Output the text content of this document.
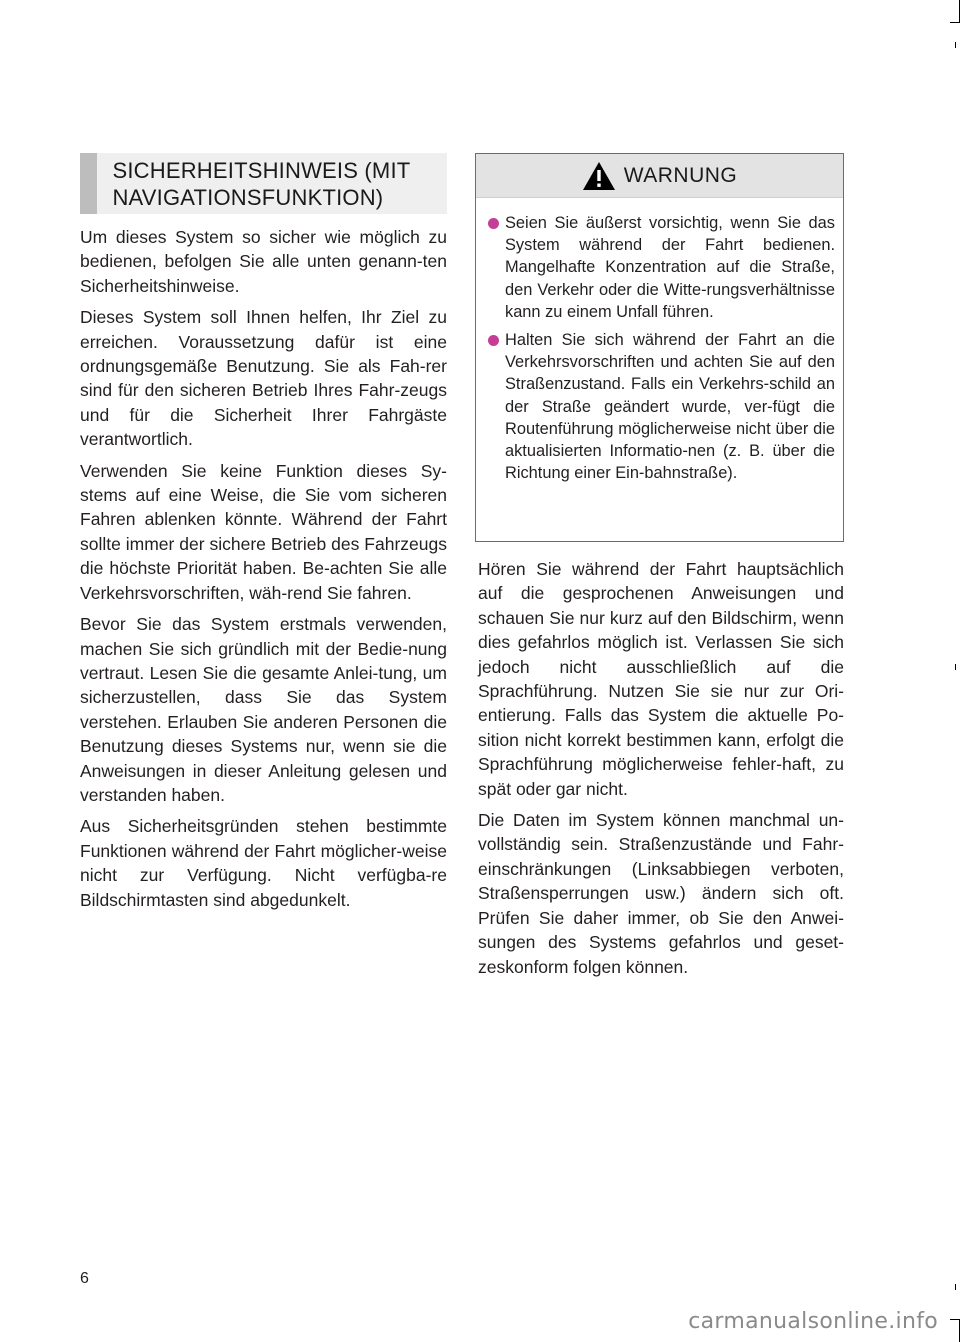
SICHERHEITSHINWEIS (MIT NAVIGATIONSFUNKTION)

Um dieses System so sicher wie möglich zu bedienen, befolgen Sie alle unten genann-ten Sicherheitshinweise.

Dieses System soll Ihnen helfen, Ihr Ziel zu erreichen. Voraussetzung dafür ist eine ordnungsgemäße Benutzung. Sie als Fah-rer sind für den sicheren Betrieb Ihres Fahr-zeugs und für die Sicherheit Ihrer Fahrgäste verantwortlich.

Verwenden Sie keine Funktion dieses Sy-stems auf eine Weise, die Sie vom sicheren Fahren ablenken könnte. Während der Fahrt sollte immer der sichere Betrieb des Fahrzeugs die höchste Priorität haben. Be-achten Sie alle Verkehrsvorschriften, wäh-rend Sie fahren.

Bevor Sie das System erstmals verwenden, machen Sie sich gründlich mit der Bedie-nung vertraut. Lesen Sie die gesamte Anlei-tung, um sicherzustellen, dass Sie das System verstehen. Erlauben Sie anderen Personen die Benutzung dieses Systems nur, wenn sie die Anweisungen in dieser Anleitung gelesen und verstanden haben.

Aus Sicherheitsgründen stehen bestimmte Funktionen während der Fahrt möglicher-weise nicht zur Verfügung. Nicht verfügba-re Bildschirmtasten sind abgedunkelt.

WARNUNG
Seien Sie äußerst vorsichtig, wenn Sie das System während der Fahrt bedienen. Mangelhafte Konzentration auf die Straße, den Verkehr oder die Witte-rungsverhältnisse kann zu einem Unfall führen.
Halten Sie sich während der Fahrt an die Verkehrsvorschriften und achten Sie auf den Straßenzustand. Falls ein Verkehrs-schild an der Straße geändert wurde, ver-fügt die Routenführung möglicherweise nicht über die aktualisierten Informatio-nen (z. B. über die Richtung einer Ein-bahnstraße).

Hören Sie während der Fahrt hauptsächlich auf die gesprochenen Anweisungen und schauen Sie nur kurz auf den Bildschirm, wenn dies gefahrlos möglich ist. Verlassen Sie sich jedoch nicht ausschließlich auf die Sprachführung. Nutzen Sie sie nur zur Ori-entierung. Falls das System die aktuelle Po-sition nicht korrekt bestimmen kann, erfolgt die Sprachführung möglicherweise fehler-haft, zu spät oder gar nicht.

Die Daten im System können manchmal un-vollständig sein. Straßenzustände und Fahr-einschränkungen (Linksabbiegen verboten, Straßensperrungen usw.) ändern sich oft. Prüfen Sie daher immer, ob Sie den Anwei-sungen des Systems gefahrlos und geset-zeskonform folgen können.

6
carmanualsonline.info
